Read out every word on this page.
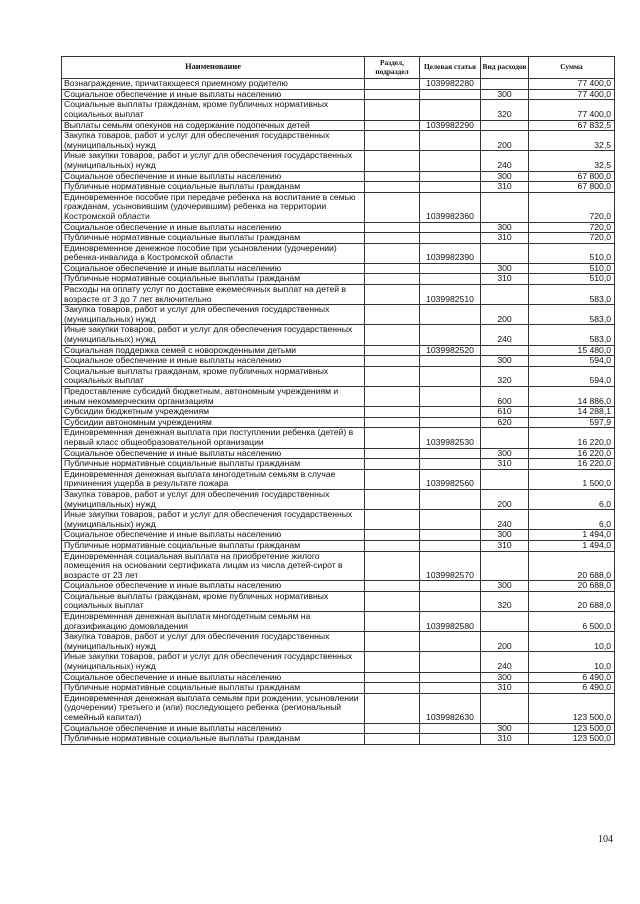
Наименование	Раздел, подраздел	Целевая статья	Вид расходов	Сумма
Вознаграждение, причитающееся приемному родителю		1039982280		77 400,0
Социальное обеспечение и иные выплаты населению			300	77 400,0
Социальные выплаты гражданам, кроме публичных нормативных социальных выплат			320	77 400,0
Выплаты семьям опекунов на содержание подопечных детей		1039982290		67 832,5
Закупка товаров, работ и услуг для обеспечения государственных (муниципальных) нужд			200	32,5
Иные закупки товаров, работ и услуг для обеспечения государственных (муниципальных) нужд			240	32,5
Социальное обеспечение и иные выплаты населению			300	67 800,0
Публичные нормативные социальные выплаты гражданам			310	67 800,0
Единовременное пособие при передаче ребенка на воспитание в семью гражданам, усыновившим (удочерившим) ребенка на территории Костромской области		1039982360		720,0
Социальное обеспечение и иные выплаты населению			300	720,0
Публичные нормативные социальные выплаты гражданам			310	720,0
Единовременное денежное пособие при усыновлении (удочерении) ребенка-инвалида в Костромской области		1039982390		510,0
Социальное обеспечение и иные выплаты населению			300	510,0
Публичные нормативные социальные выплаты гражданам			310	510,0
Расходы на оплату услуг по доставке ежемесячных выплат на детей в возрасте от 3 до 7 лет включительно		1039982510		583,0
Закупка товаров, работ и услуг для обеспечения государственных (муниципальных) нужд			200	583,0
Иные закупки товаров, работ и услуг для обеспечения государственных (муниципальных) нужд			240	583,0
Социальная поддержка семей с новорожденными детьми		1039982520		15 480,0
Социальное обеспечение и иные выплаты населению			300	594,0
Социальные выплаты гражданам, кроме публичных нормативных социальных выплат			320	594,0
Предоставление субсидий бюджетным, автономным учреждениям и иным некоммерческим организациям			600	14 886,0
Субсидии бюджетным учреждениям			610	14 288,1
Субсидии автономным учреждениям			620	597,9
Единовременная денежная выплата при поступлении ребенка (детей) в первый класс общеобразовательной организации		1039982530		16 220,0
Социальное обеспечение и иные выплаты населению			300	16 220,0
Публичные нормативные социальные выплаты гражданам			310	16 220,0
Единовременная денежная выплата многодетным семьям в случае причинения ущерба в результате пожара		1039982560		1 500,0
Закупка товаров, работ и услуг для обеспечения государственных (муниципальных) нужд			200	6,0
Иные закупки товаров, работ и услуг для обеспечения государственных (муниципальных) нужд			240	6,0
Социальное обеспечение и иные выплаты населению			300	1 494,0
Публичные нормативные социальные выплаты гражданам			310	1 494,0
Единовременная социальная выплата на приобретение жилого помещения на основании сертификата лицам из числа детей-сирот в возрасте от 23 лет		1039982570		20 688,0
Социальное обеспечение и иные выплаты населению			300	20 688,0
Социальные выплаты гражданам, кроме публичных нормативных социальных выплат			320	20 688,0
Единовременная денежная выплата многодетным семьям на догазификацию домовладения		1039982580		6 500,0
Закупка товаров, работ и услуг для обеспечения государственных (муниципальных) нужд			200	10,0
Иные закупки товаров, работ и услуг для обеспечения государственных (муниципальных) нужд			240	10,0
Социальное обеспечение и иные выплаты населению			300	6 490,0
Публичные нормативные социальные выплаты гражданам			310	6 490,0
Единовременная денежная выплата семьям при рождении, усыновлении (удочерении) третьего и (или) последующего ребенка (региональный семейный капитал)		1039982630		123 500,0
Социальное обеспечение и иные выплаты населению			300	123 500,0
Публичные нормативные социальные выплаты гражданам			310	123 500,0
104
